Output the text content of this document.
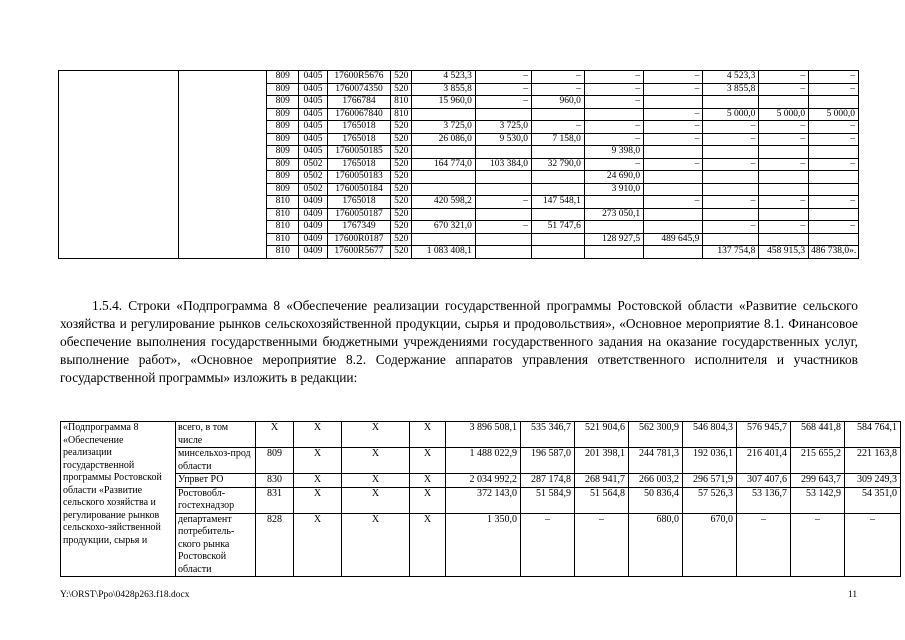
		809	0405	17600R5676	520	4 523,3	–	–	–	–	4 523,3	–	–
		809	0405	1760074350	520	3 855,8	–	–	–	–	3 855,8	–	–
		809	0405	1766784	810	15 960,0	–	960,0	–				
		809	0405	1760067840	810					–	5 000,0	5 000,0	5 000,0
		809	0405	1765018	520	3 725,0	3 725,0	–	–	–	–	–	–
		809	0405	1765018	520	26 086,0	9 530,0	7 158,0	–	–	–	–	–
		809	0405	1760050185	520				9 398,0				
		809	0502	1765018	520	164 774,0	103 384,0	32 790,0	–	–	–	–	–
		809	0502	1760050183	520				24 690,0				
		809	0502	1760050184	520				3 910,0				
		810	0409	1765018	520	420 598,2	–	147 548,1		–	–	–	–
		810	0409	1760050187	520				273 050,1				
		810	0409	1767349	520	670 321,0	–	51 747,6			–	–	–
		810	0409	17600R0187	520				128 927,5	489 645,9			
		810	0409	17600R5677	520	1 083 408,1					137 754,8	458 915,3	486 738,0».

1.5.4. Строки «Подпрограмма 8 «Обеспечение реализации государственной программы Ростовской области «Развитие сельского хозяйства и регулирование рынков сельскохозяйственной продукции, сырья и продовольствия», «Основное мероприятие 8.1. Финансовое обеспечение выполнения государственными бюджетными учреждениями государственного задания на оказание государственных услуг, выполнение работ», «Основное мероприятие 8.2. Содержание аппаратов управления ответственного исполнителя и участников государственной программы» изложить в редакции:

«Подпрограмма 8 «Обеспечение реализации государственной программы Ростовской области «Развитие сельского хозяйства и регулирование рынков сельскохо-зяйственной продукции, сырья и	всего, в том числе	X	X	X	X	3 896 508,1	535 346,7	521 904,6	562 300,9	546 804,3	576 945,7	568 441,8	584 764,1
	минсельхоз-прод области	809	X	X	X	1 488 022,9	196 587,0	201 398,1	244 781,3	192 036,1	216 401,4	215 655,2	221 163,8
	Упрвет РО	830	X	X	X	2 034 992,2	287 174,8	268 941,7	266 003,2	296 571,9	307 407,6	299 643,7	309 249,3
	Ростовобл-гостехнадзор	831	X	X	X	372 143,0	51 584,9	51 564,8	50 836,4	57 526,3	53 136,7	53 142,9	54 351,0
	департамент потребитель-ского рынка Ростовской области	828	X	X	X	1 350,0	–	–	680,0	670,0	–	–	–
Y:\ORST\Ppo\0428p263.f18.docx	11
